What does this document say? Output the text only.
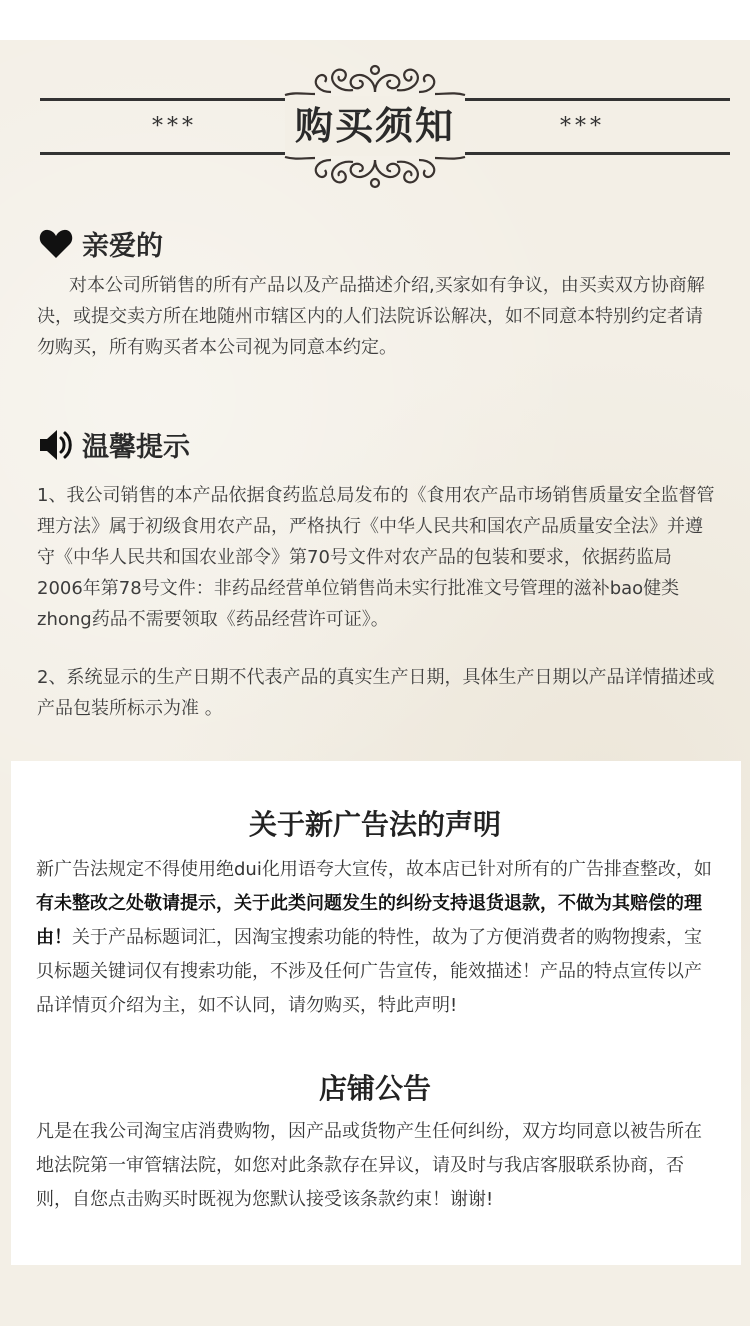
***	***
购买须知
亲爱的
对本公司所销售的所有产品以及产品描述介绍,买家如有争议，由买卖双方协商解决，或提交卖方所在地随州市辖区内的人们法院诉讼解决，如不同意本特别约定者请勿购买，所有购买者本公司视为同意本约定。
温馨提示
1、我公司销售的本产品依据食药监总局发布的《食用农产品市场销售质量安全监督管理方法》属于初级食用农产品，严格执行《中华人民共和国农产品质量安全法》并遵守《中华人民共和国农业部令》第70号文件对农产品的包装和要求，依据药监局2006年第78号文件：非药品经营单位销售尚未实行批准文号管理的滋补bao健类zhong药品不需要领取《药品经营许可证》。
2、系统显示的生产日期不代表产品的真实生产日期，具体生产日期以产品详情描述或产品包装所标示为准 。
关于新广告法的声明
新广告法规定不得使用绝dui化用语夸大宣传，故本店已针对所有的广告排查整改，如有未整改之处敬请提示，关于此类问题发生的纠纷支持退货退款，不做为其赔偿的理由！关于产品标题词汇，因淘宝搜索功能的特性，故为了方便消费者的购物搜索，宝贝标题关键词仅有搜索功能，不涉及任何广告宣传，能效描述！产品的特点宣传以产品详情页介绍为主，如不认同，请勿购买，特此声明!
店铺公告
凡是在我公司淘宝店消费购物，因产品或货物产生任何纠纷，双方均同意以被告所在地法院第一审管辖法院，如您对此条款存在异议，请及时与我店客服联系协商，否则，自您点击购买时既视为您默认接受该条款约束！谢谢!
